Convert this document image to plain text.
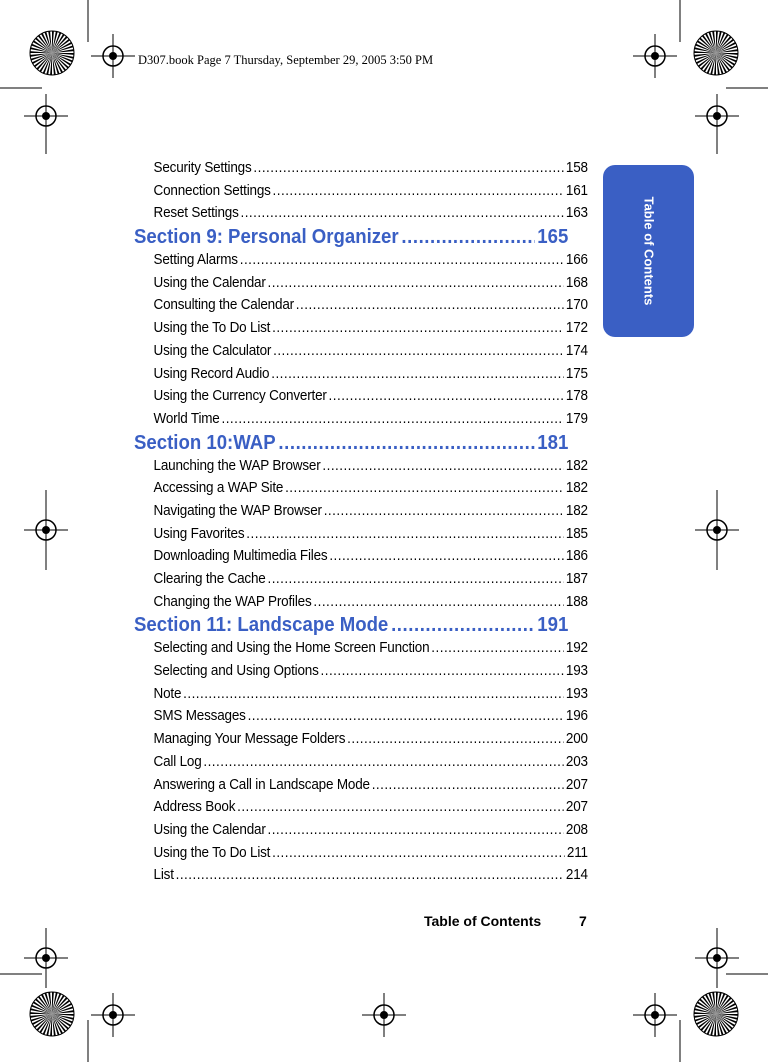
D307.book Page 7 Thursday, September 29, 2005 3:50 PM
Table of Contents
Security Settings .....	158
Connection Settings .....	161
Reset Settings .....	163
Section 9: Personal Organizer .....	165
Setting Alarms .....	166
Using the Calendar .....	168
Consulting the Calendar .....	170
Using the To Do List .....	172
Using the Calculator .....	174
Using Record Audio .....	175
Using the Currency Converter .....	178
World Time .....	179
Section 10:WAP .....	181
Launching the WAP Browser .....	182
Accessing a WAP Site .....	182
Navigating the WAP Browser .....	182
Using Favorites .....	185
Downloading Multimedia Files .....	186
Clearing the Cache .....	187
Changing the WAP Profiles .....	188
Section 11: Landscape Mode .....	191
Selecting and Using the Home Screen Function .....	192
Selecting and Using Options .....	193
Note .....	193
SMS Messages .....	196
Managing Your Message Folders .....	200
Call Log .....	203
Answering a Call in Landscape Mode .....	207
Address Book .....	207
Using the Calendar .....	208
Using the To Do List .....	211
List .....	214
Table of Contents	7
